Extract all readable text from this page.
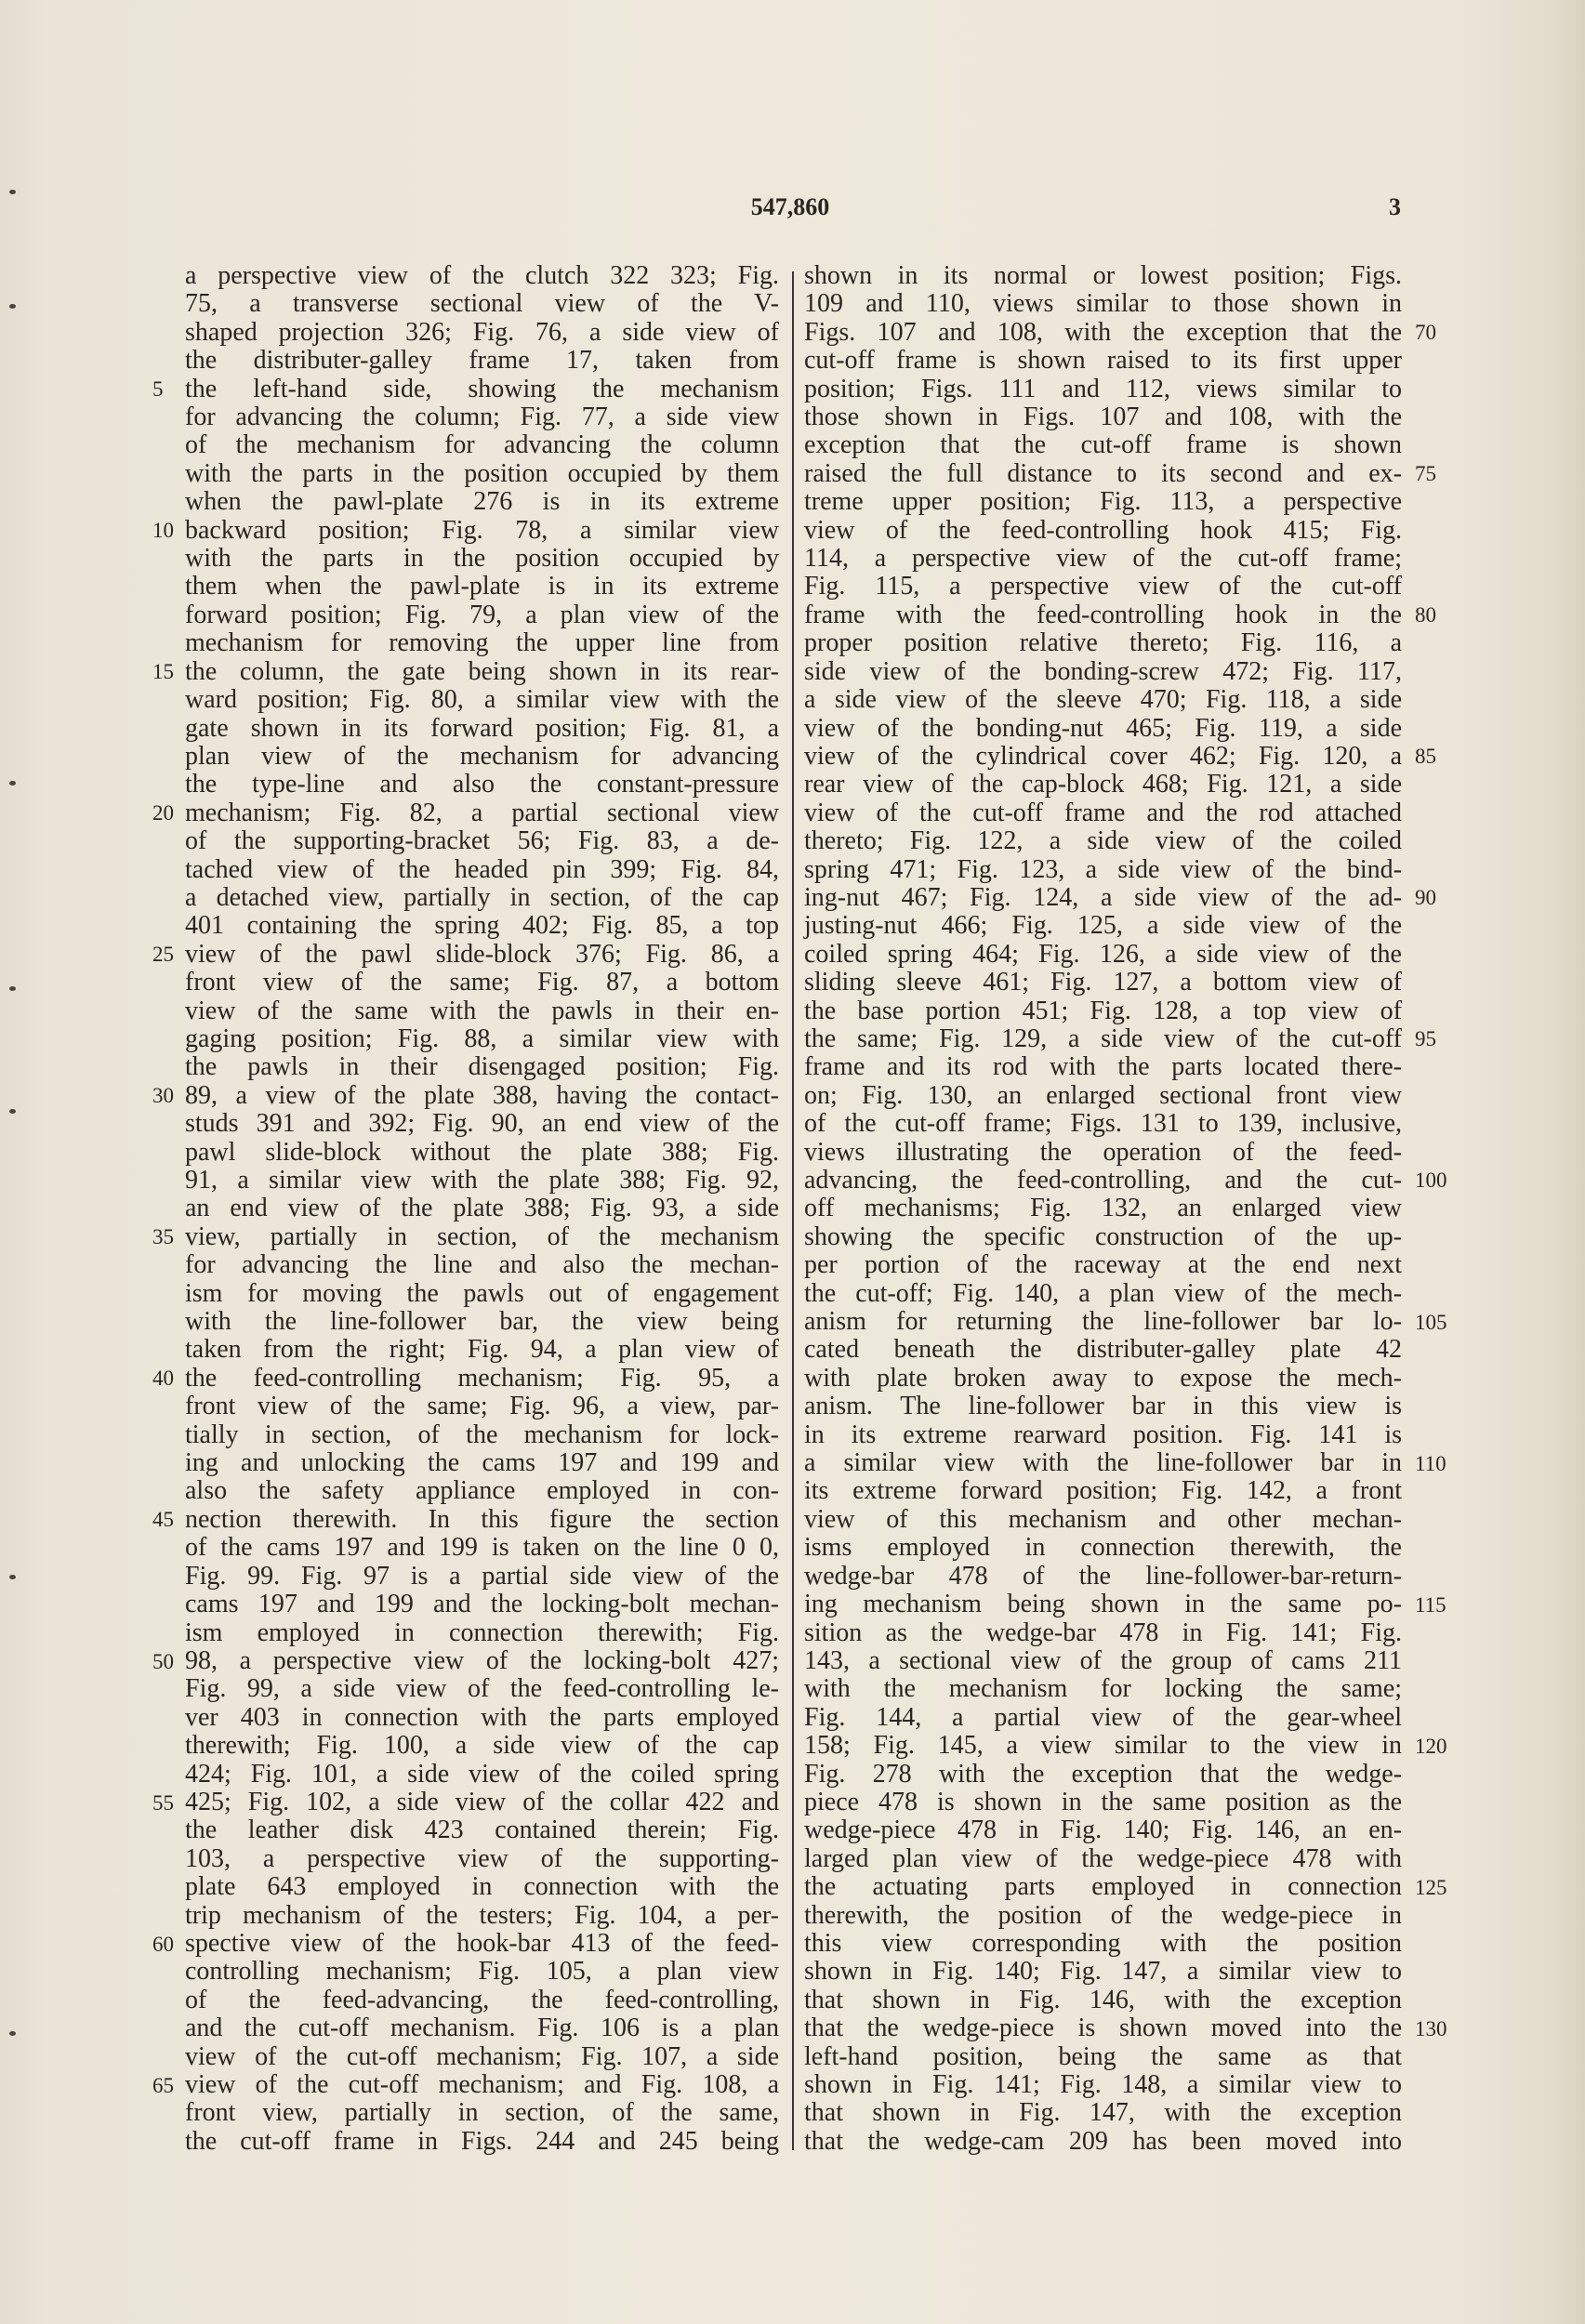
547,860	3
a perspective view of the clutch 322 323; Fig.
75, a transverse sectional view of the V-
shaped projection 326; Fig. 76, a side view of
the distributer-galley frame 17, taken from
the left-hand side, showing the mechanism
for advancing the column; Fig. 77, a side view
of the mechanism for advancing the column
with the parts in the position occupied by them
when the pawl-plate 276 is in its extreme
backward position; Fig. 78, a similar view
with the parts in the position occupied by
them when the pawl-plate is in its extreme
forward position; Fig. 79, a plan view of the
mechanism for removing the upper line from
the column, the gate being shown in its rear-
ward position; Fig. 80, a similar view with the
gate shown in its forward position; Fig. 81, a
plan view of the mechanism for advancing
the type-line and also the constant-pressure
mechanism; Fig. 82, a partial sectional view
of the supporting-bracket 56; Fig. 83, a de-
tached view of the headed pin 399; Fig. 84,
a detached view, partially in section, of the cap
401 containing the spring 402; Fig. 85, a top
view of the pawl slide-block 376; Fig. 86, a
front view of the same; Fig. 87, a bottom
view of the same with the pawls in their en-
gaging position; Fig. 88, a similar view with
the pawls in their disengaged position; Fig.
89, a view of the plate 388, having the contact-
studs 391 and 392; Fig. 90, an end view of the
pawl slide-block without the plate 388; Fig.
91, a similar view with the plate 388; Fig. 92,
an end view of the plate 388; Fig. 93, a side
view, partially in section, of the mechanism
for advancing the line and also the mechan-
ism for moving the pawls out of engagement
with the line-follower bar, the view being
taken from the right; Fig. 94, a plan view of
the feed-controlling mechanism; Fig. 95, a
front view of the same; Fig. 96, a view, par-
tially in section, of the mechanism for lock-
ing and unlocking the cams 197 and 199 and
also the safety appliance employed in con-
nection therewith. In this figure the section
of the cams 197 and 199 is taken on the line 0 0,
Fig. 99. Fig. 97 is a partial side view of the
cams 197 and 199 and the locking-bolt mechan-
ism employed in connection therewith; Fig.
98, a perspective view of the locking-bolt 427;
Fig. 99, a side view of the feed-controlling le-
ver 403 in connection with the parts employed
therewith; Fig. 100, a side view of the cap
424; Fig. 101, a side view of the coiled spring
425; Fig. 102, a side view of the collar 422 and
the leather disk 423 contained therein; Fig.
103, a perspective view of the supporting-
plate 643 employed in connection with the
trip mechanism of the testers; Fig. 104, a per-
spective view of the hook-bar 413 of the feed-
controlling mechanism; Fig. 105, a plan view
of the feed-advancing, the feed-controlling,
and the cut-off mechanism. Fig. 106 is a plan
view of the cut-off mechanism; Fig. 107, a side
view of the cut-off mechanism; and Fig. 108, a
front view, partially in section, of the same,
the cut-off frame in Figs. 244 and 245 being
5
10
15
20
25
30
35
40
45
50
55
60
65
shown in its normal or lowest position; Figs.
109 and 110, views similar to those shown in
Figs. 107 and 108, with the exception that the
cut-off frame is shown raised to its first upper
position; Figs. 111 and 112, views similar to
those shown in Figs. 107 and 108, with the
exception that the cut-off frame is shown
raised the full distance to its second and ex-
treme upper position; Fig. 113, a perspective
view of the feed-controlling hook 415; Fig.
114, a perspective view of the cut-off frame;
Fig. 115, a perspective view of the cut-off
frame with the feed-controlling hook in the
proper position relative thereto; Fig. 116, a
side view of the bonding-screw 472; Fig. 117,
a side view of the sleeve 470; Fig. 118, a side
view of the bonding-nut 465; Fig. 119, a side
view of the cylindrical cover 462; Fig. 120, a
rear view of the cap-block 468; Fig. 121, a side
view of the cut-off frame and the rod attached
thereto; Fig. 122, a side view of the coiled
spring 471; Fig. 123, a side view of the bind-
ing-nut 467; Fig. 124, a side view of the ad-
justing-nut 466; Fig. 125, a side view of the
coiled spring 464; Fig. 126, a side view of the
sliding sleeve 461; Fig. 127, a bottom view of
the base portion 451; Fig. 128, a top view of
the same; Fig. 129, a side view of the cut-off
frame and its rod with the parts located there-
on; Fig. 130, an enlarged sectional front view
of the cut-off frame; Figs. 131 to 139, inclusive,
views illustrating the operation of the feed-
advancing, the feed-controlling, and the cut-
off mechanisms; Fig. 132, an enlarged view
showing the specific construction of the up-
per portion of the raceway at the end next
the cut-off; Fig. 140, a plan view of the mech-
anism for returning the line-follower bar lo-
cated beneath the distributer-galley plate 42
with plate broken away to expose the mech-
anism. The line-follower bar in this view is
in its extreme rearward position. Fig. 141 is
a similar view with the line-follower bar in
its extreme forward position; Fig. 142, a front
view of this mechanism and other mechan-
isms employed in connection therewith, the
wedge-bar 478 of the line-follower-bar-return-
ing mechanism being shown in the same po-
sition as the wedge-bar 478 in Fig. 141; Fig.
143, a sectional view of the group of cams 211
with the mechanism for locking the same;
Fig. 144, a partial view of the gear-wheel
158; Fig. 145, a view similar to the view in
Fig. 278 with the exception that the wedge-
piece 478 is shown in the same position as the
wedge-piece 478 in Fig. 140; Fig. 146, an en-
larged plan view of the wedge-piece 478 with
the actuating parts employed in connection
therewith, the position of the wedge-piece in
this view corresponding with the position
shown in Fig. 140; Fig. 147, a similar view to
that shown in Fig. 146, with the exception
that the wedge-piece is shown moved into the
left-hand position, being the same as that
shown in Fig. 141; Fig. 148, a similar view to
that shown in Fig. 147, with the exception
that the wedge-cam 209 has been moved into
70
75
80
85
90
95
100
105
110
115
120
125
130
